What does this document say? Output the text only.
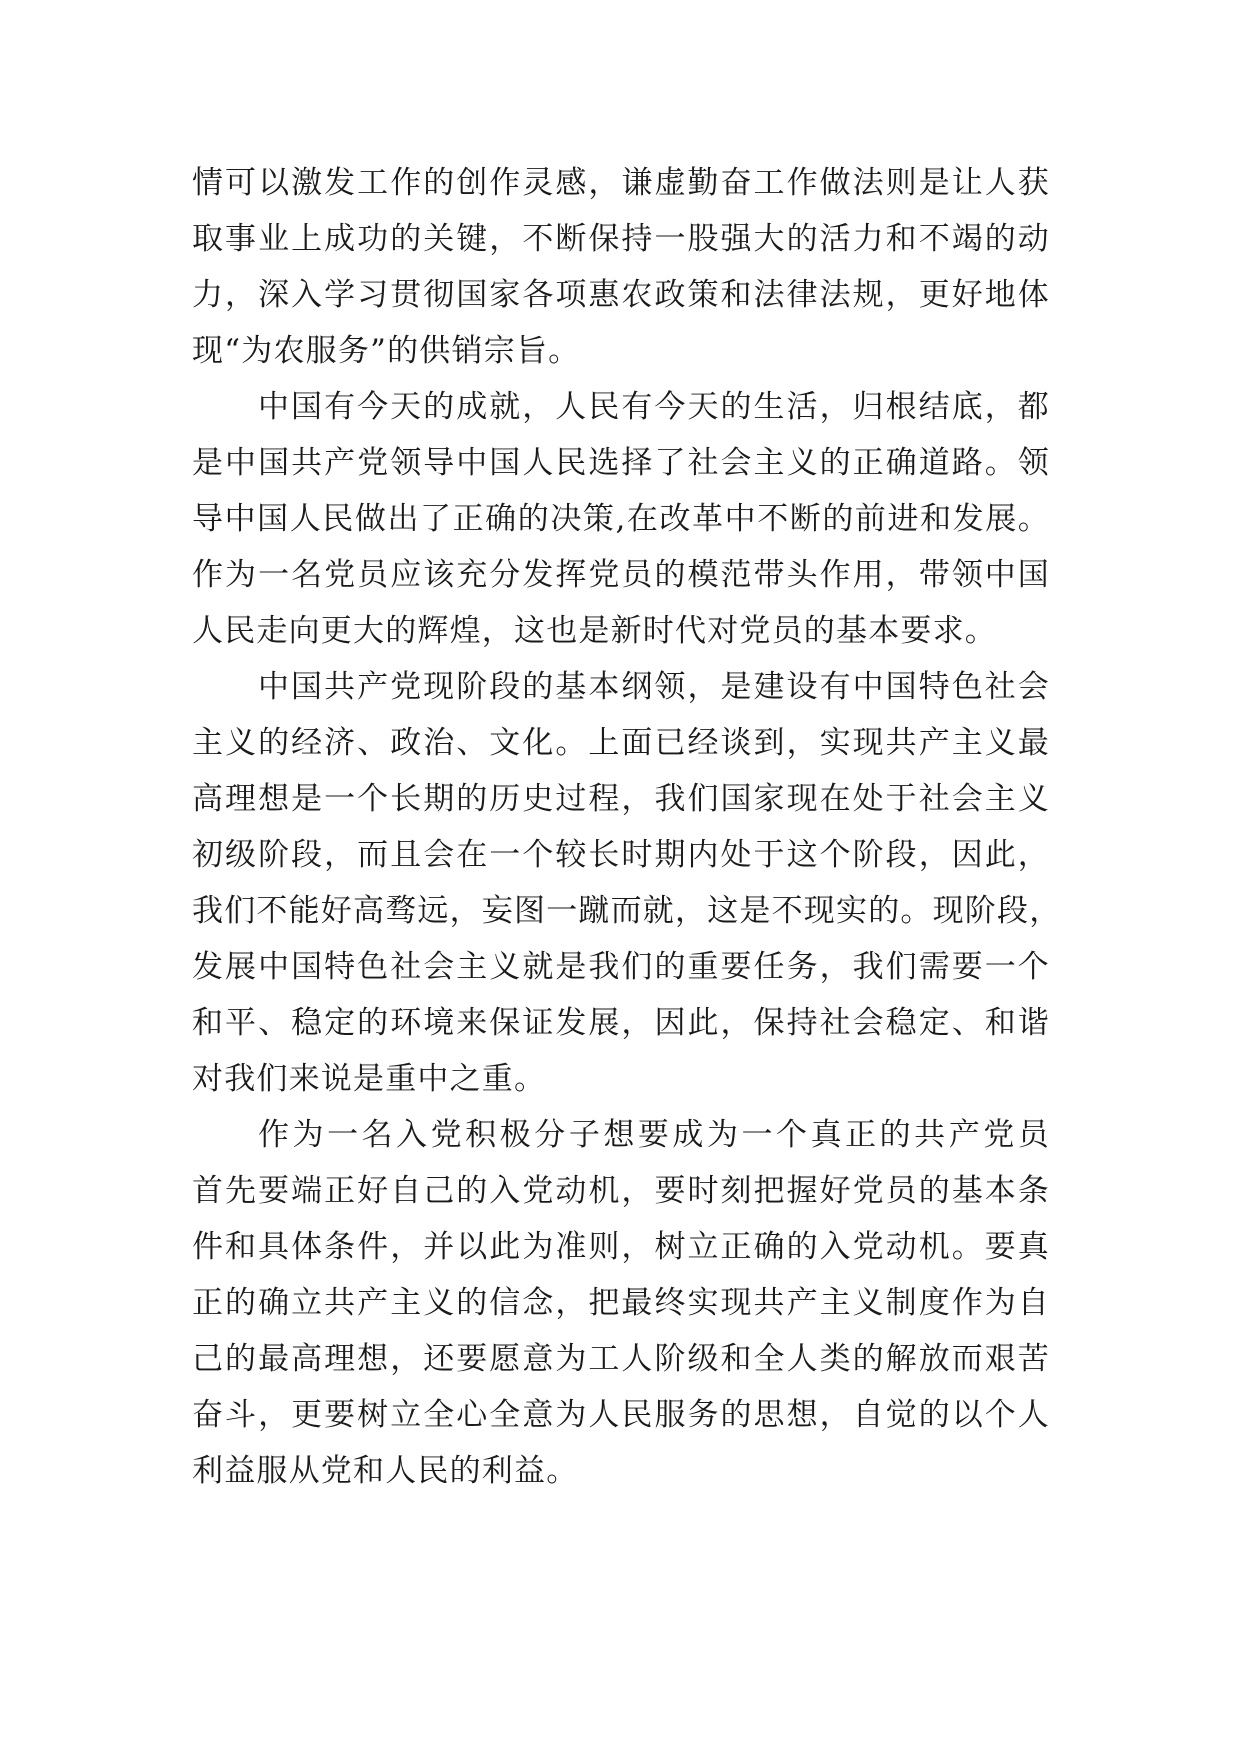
情可以激发工作的创作灵感，谦虚勤奋工作做法则是让人获
取事业上成功的关键，不断保持一股强大的活力和不竭的动
力，深入学习贯彻国家各项惠农政策和法律法规，更好地体
现“为农服务”的供销宗旨。
中国有今天的成就，人民有今天的生活，归根结底，都
是中国共产党领导中国人民选择了社会主义的正确道路。领
导中国人民做出了正确的决策,在改革中不断的前进和发展。
作为一名党员应该充分发挥党员的模范带头作用，带领中国
人民走向更大的辉煌，这也是新时代对党员的基本要求。
中国共产党现阶段的基本纲领，是建设有中国特色社会
主义的经济、政治、文化。上面已经谈到，实现共产主义最
高理想是一个长期的历史过程，我们国家现在处于社会主义
初级阶段，而且会在一个较长时期内处于这个阶段，因此，
我们不能好高骛远，妄图一蹴而就，这是不现实的。现阶段，
发展中国特色社会主义就是我们的重要任务，我们需要一个
和平、稳定的环境来保证发展，因此，保持社会稳定、和谐
对我们来说是重中之重。
作为一名入党积极分子想要成为一个真正的共产党员
首先要端正好自己的入党动机，要时刻把握好党员的基本条
件和具体条件，并以此为准则，树立正确的入党动机。要真
正的确立共产主义的信念，把最终实现共产主义制度作为自
己的最高理想，还要愿意为工人阶级和全人类的解放而艰苦
奋斗，更要树立全心全意为人民服务的思想，自觉的以个人
利益服从党和人民的利益。
